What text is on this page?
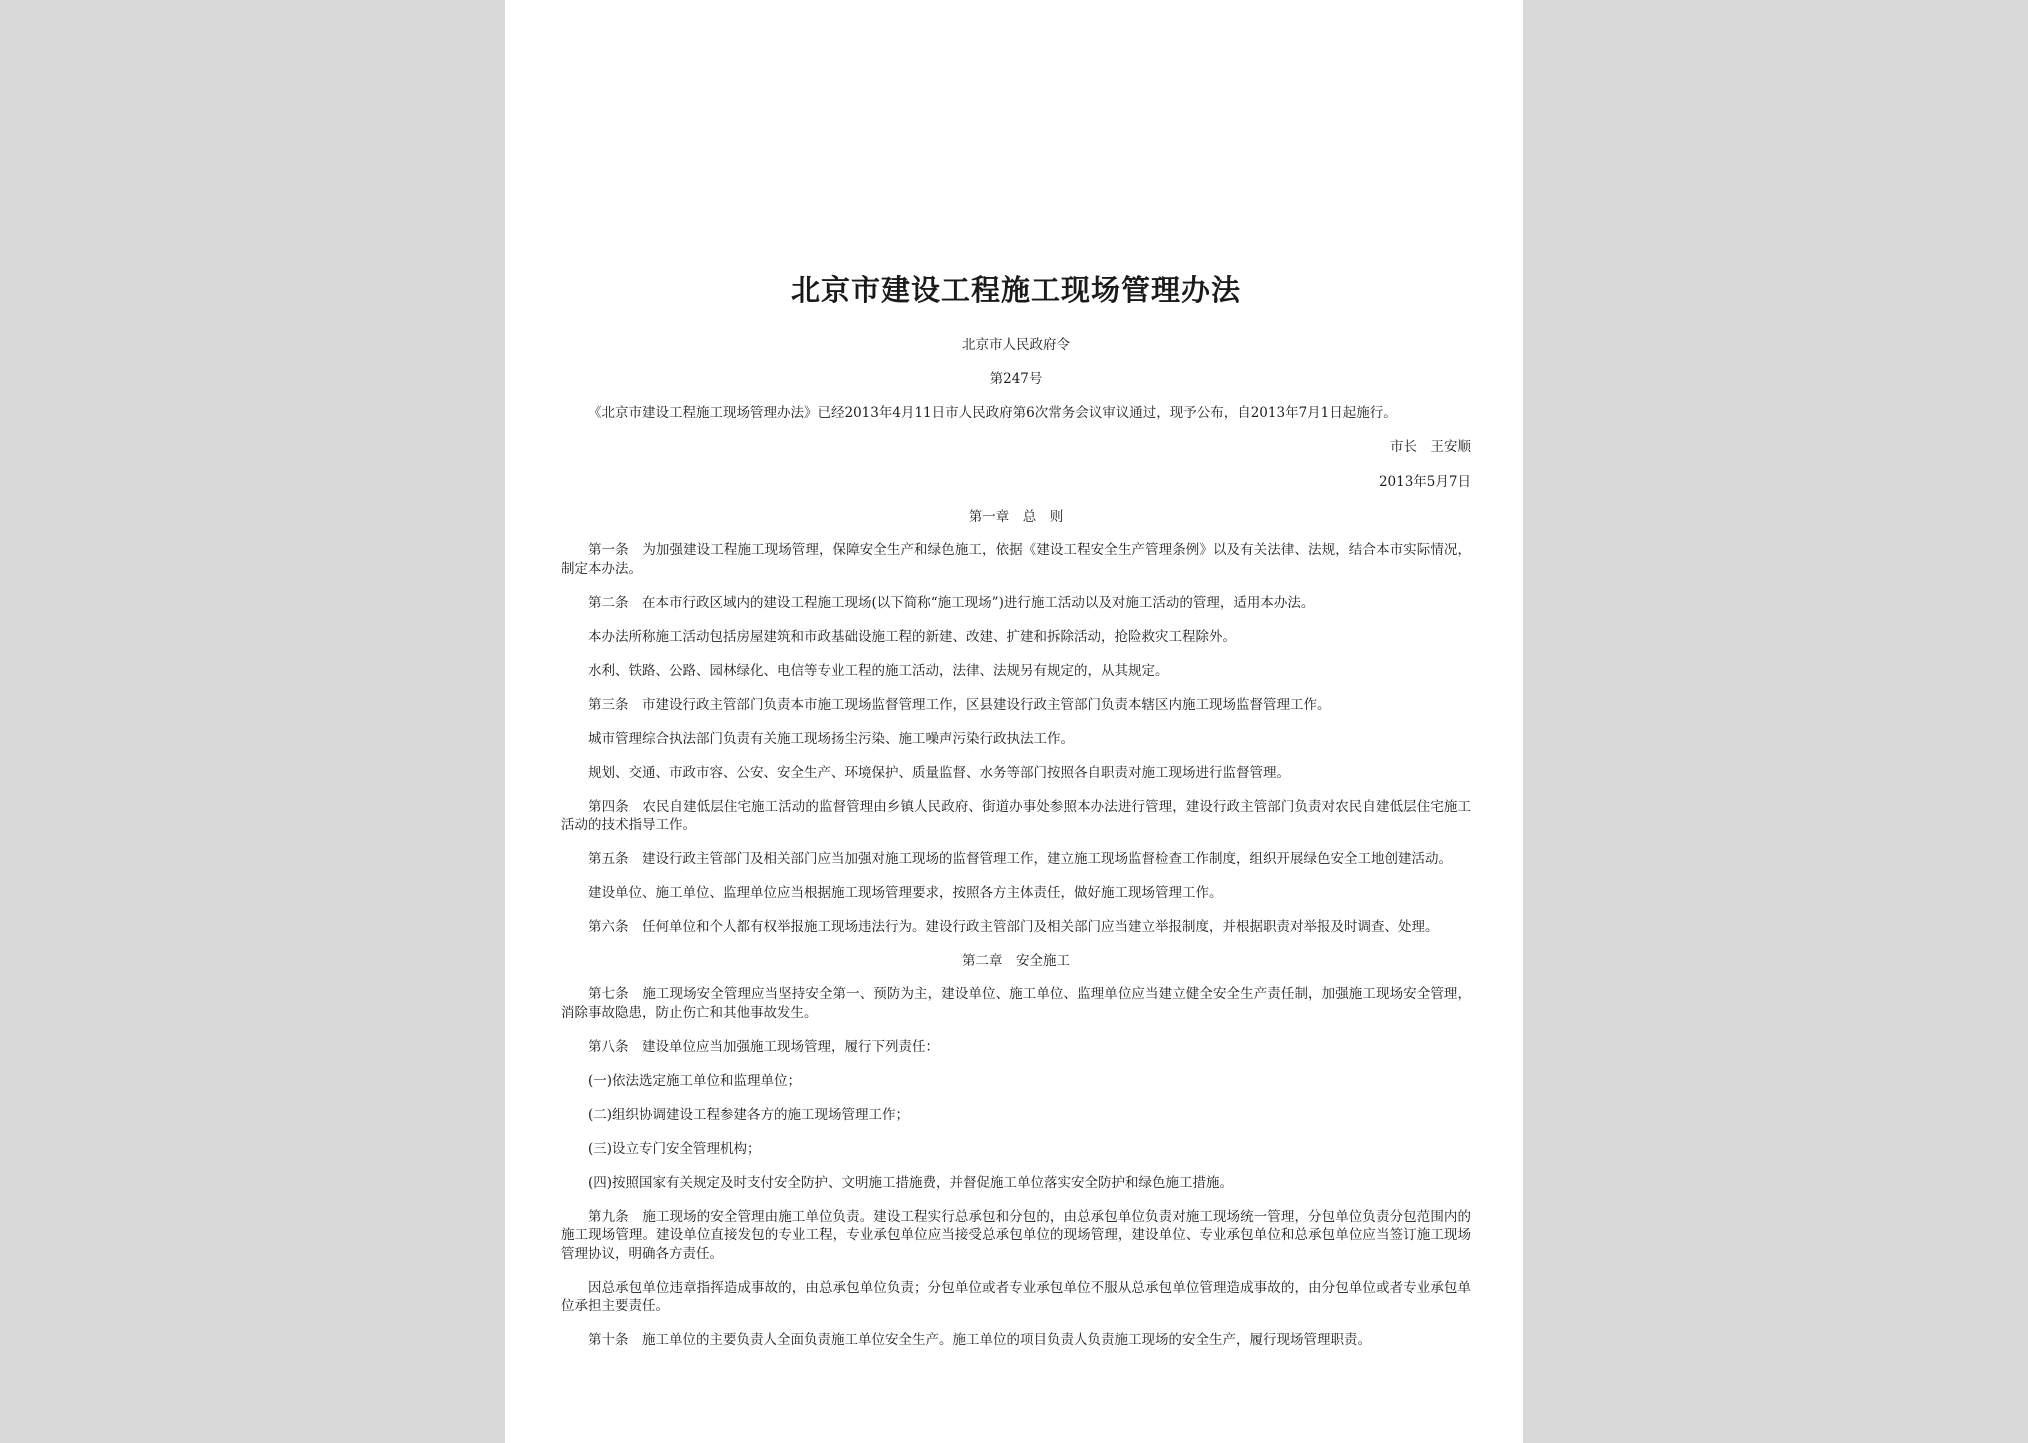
北京市建设工程施工现场管理办法

北京市人民政府令

第247号

《北京市建设工程施工现场管理办法》已经2013年4月11日市人民政府第6次常务会议审议通过，现予公布，自2013年7月1日起施行。

市长　王安顺

2013年5月7日

第一章　总　则

第一条　为加强建设工程施工现场管理，保障安全生产和绿色施工，依据《建设工程安全生产管理条例》以及有关法律、法规，结合本市实际情况，制定本办法。

第二条　在本市行政区域内的建设工程施工现场(以下简称“施工现场”)进行施工活动以及对施工活动的管理，适用本办法。

本办法所称施工活动包括房屋建筑和市政基础设施工程的新建、改建、扩建和拆除活动，抢险救灾工程除外。

水利、铁路、公路、园林绿化、电信等专业工程的施工活动，法律、法规另有规定的，从其规定。

第三条　市建设行政主管部门负责本市施工现场监督管理工作，区县建设行政主管部门负责本辖区内施工现场监督管理工作。

城市管理综合执法部门负责有关施工现场扬尘污染、施工噪声污染行政执法工作。

规划、交通、市政市容、公安、安全生产、环境保护、质量监督、水务等部门按照各自职责对施工现场进行监督管理。

第四条　农民自建低层住宅施工活动的监督管理由乡镇人民政府、街道办事处参照本办法进行管理，建设行政主管部门负责对农民自建低层住宅施工活动的技术指导工作。

第五条　建设行政主管部门及相关部门应当加强对施工现场的监督管理工作，建立施工现场监督检查工作制度，组织开展绿色安全工地创建活动。

建设单位、施工单位、监理单位应当根据施工现场管理要求，按照各方主体责任，做好施工现场管理工作。

第六条　任何单位和个人都有权举报施工现场违法行为。建设行政主管部门及相关部门应当建立举报制度，并根据职责对举报及时调查、处理。

第二章　安全施工

第七条　施工现场安全管理应当坚持安全第一、预防为主，建设单位、施工单位、监理单位应当建立健全安全生产责任制，加强施工现场安全管理，消除事故隐患，防止伤亡和其他事故发生。

第八条　建设单位应当加强施工现场管理，履行下列责任：

(一)依法选定施工单位和监理单位；

(二)组织协调建设工程参建各方的施工现场管理工作；

(三)设立专门安全管理机构；

(四)按照国家有关规定及时支付安全防护、文明施工措施费，并督促施工单位落实安全防护和绿色施工措施。

第九条　施工现场的安全管理由施工单位负责。建设工程实行总承包和分包的，由总承包单位负责对施工现场统一管理，分包单位负责分包范围内的施工现场管理。建设单位直接发包的专业工程，专业承包单位应当接受总承包单位的现场管理，建设单位、专业承包单位和总承包单位应当签订施工现场管理协议，明确各方责任。

因总承包单位违章指挥造成事故的，由总承包单位负责；分包单位或者专业承包单位不服从总承包单位管理造成事故的，由分包单位或者专业承包单位承担主要责任。

第十条　施工单位的主要负责人全面负责施工单位安全生产。施工单位的项目负责人负责施工现场的安全生产，履行现场管理职责。
